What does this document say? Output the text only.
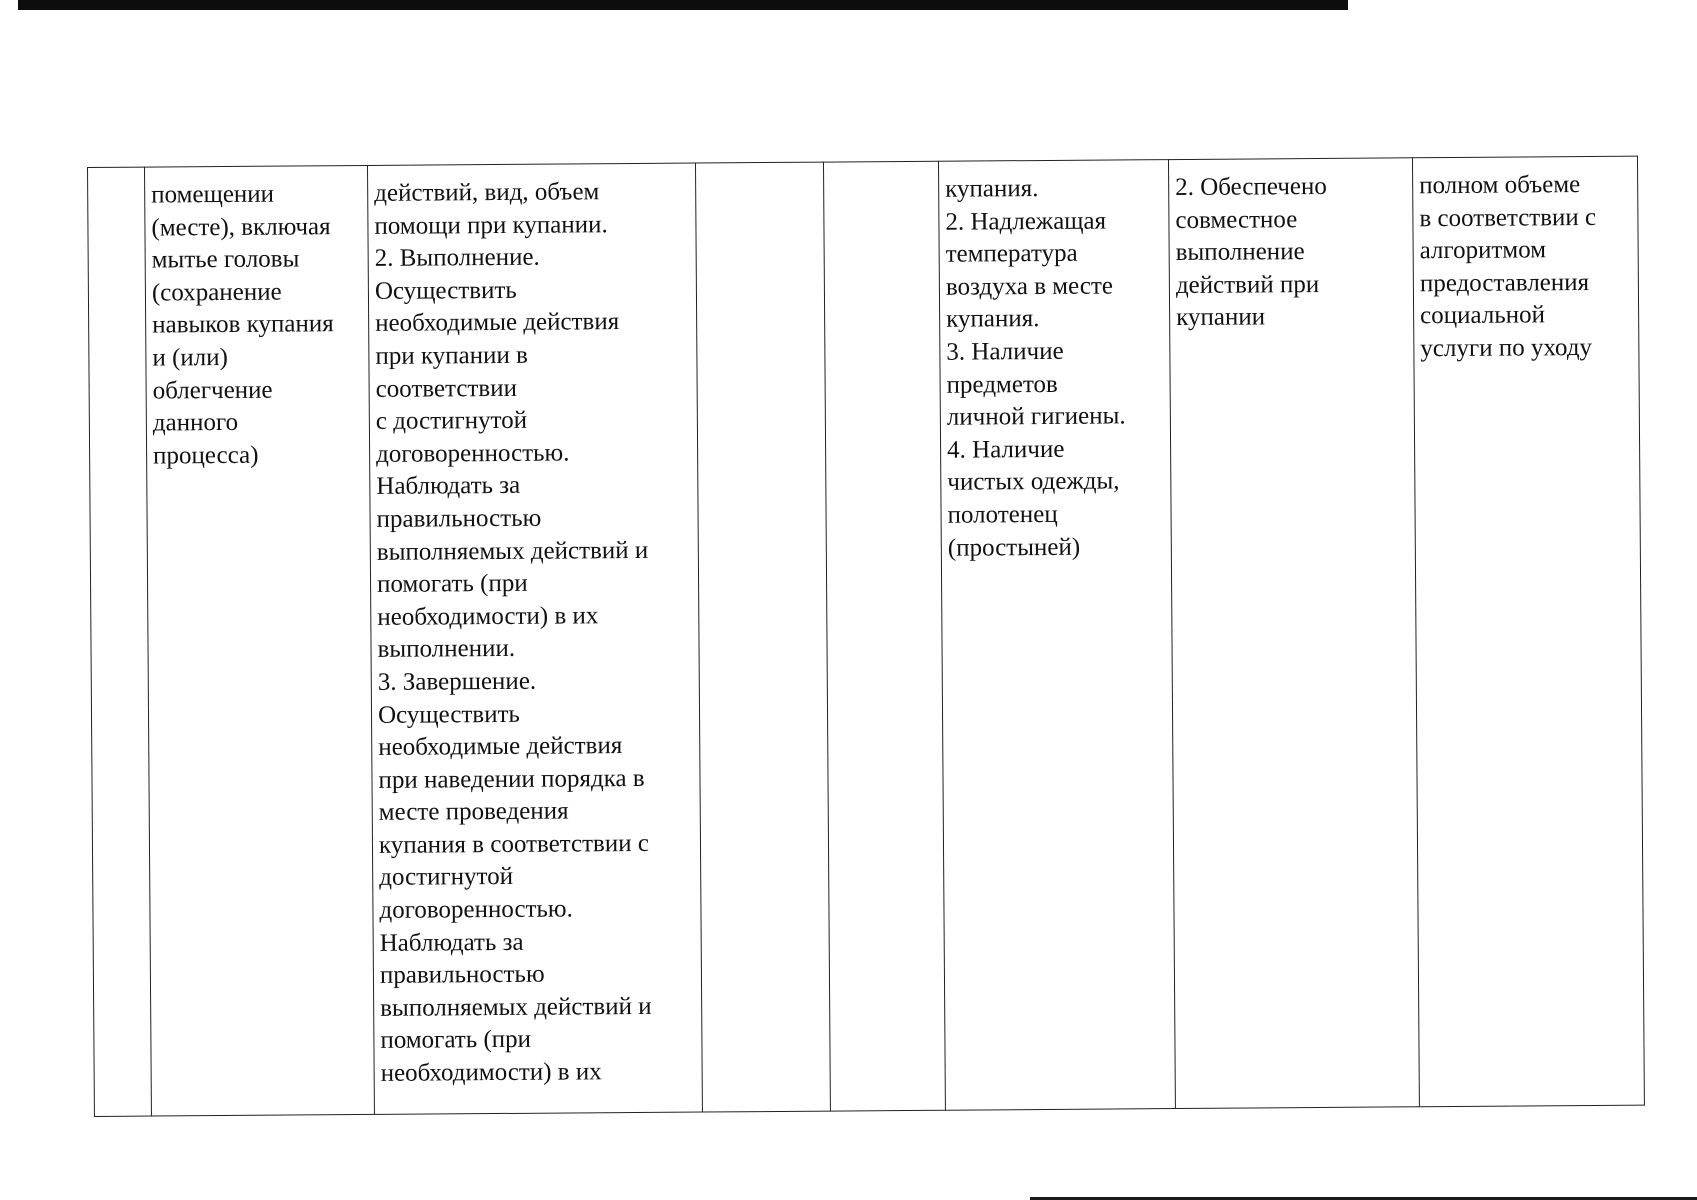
	помещении
(месте), включая
мытье головы
(сохранение
навыков купания
и (или)
облегчение
данного
процесса)	действий, вид, объем
помощи при купании.
2. Выполнение.
Осуществить
необходимые действия
при купании в
соответствии
с достигнутой
договоренностью.
Наблюдать за
правильностью
выполняемых действий и
помогать (при
необходимости) в их
выполнении.
3. Завершение.
Осуществить
необходимые действия
при наведении порядка в
месте проведения
купания в соответствии с
достигнутой
договоренностью.
Наблюдать за
правильностью
выполняемых действий и
помогать (при
необходимости) в их			купания.
2. Надлежащая
температура
воздуха в месте
купания.
3. Наличие
предметов
личной гигиены.
4. Наличие
чистых одежды,
полотенец
(простыней)	2. Обеспечено
совместное
выполнение
действий при
купании	полном объеме
в соответствии с
алгоритмом
предоставления
социальной
услуги по уходу
